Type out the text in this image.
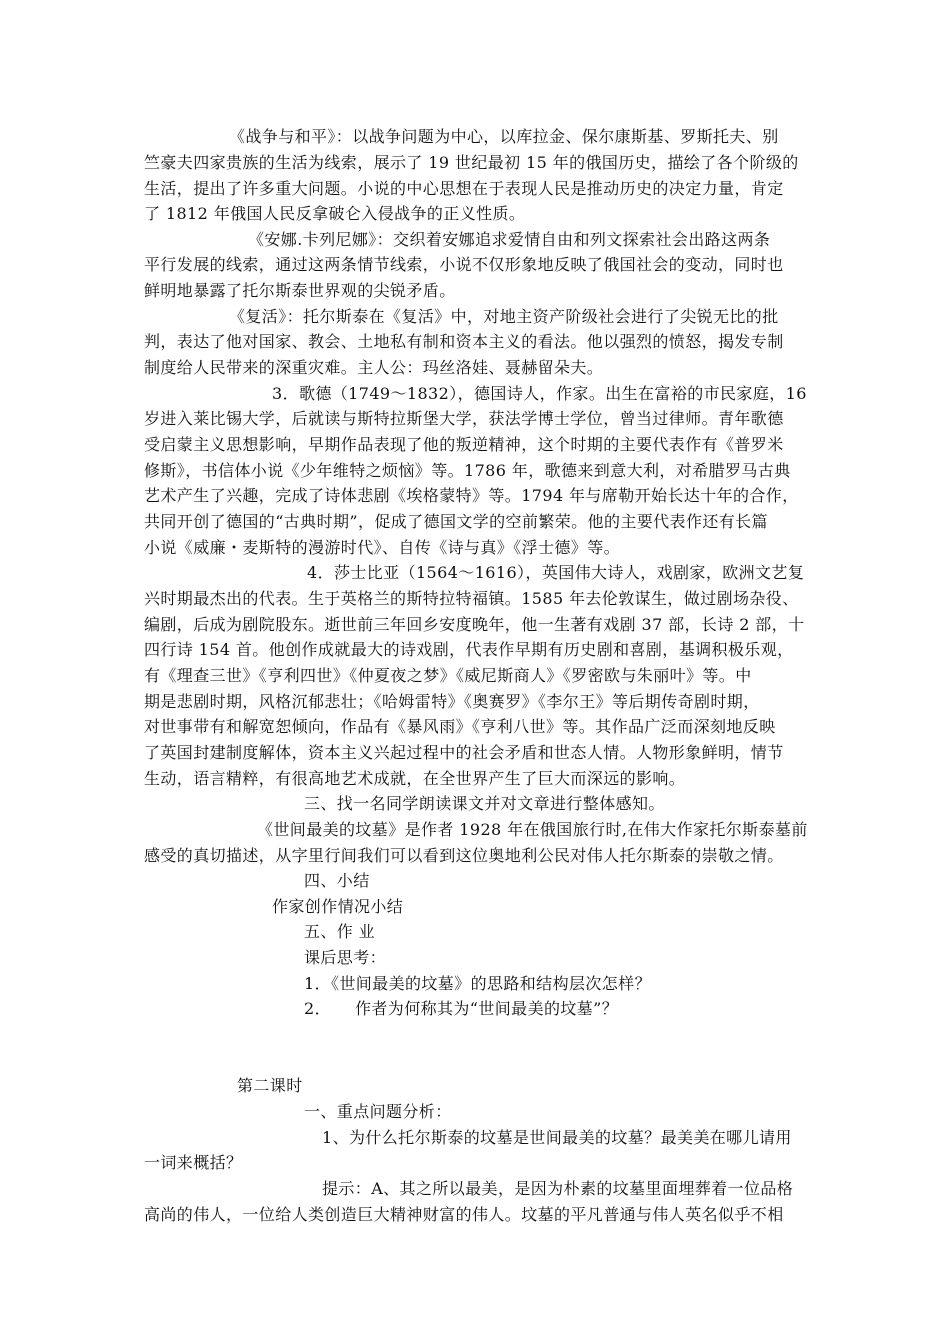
《战争与和平》：以战争问题为中心，以库拉金、保尔康斯基、罗斯托夫、别
竺豪夫四家贵族的生活为线索，展示了 19 世纪最初 15 年的俄国历史，描绘了各个阶级的
生活，提出了许多重大问题。小说的中心思想在于表现人民是推动历史的决定力量，肯定
了 1812 年俄国人民反拿破仑入侵战争的正义性质。
《安娜.卡列尼娜》：交织着安娜追求爱情自由和列文探索社会出路这两条
平行发展的线索，通过这两条情节线索，小说不仅形象地反映了俄国社会的变动，同时也
鲜明地暴露了托尔斯泰世界观的尖锐矛盾。
《复活》：托尔斯泰在《复活》中，对地主资产阶级社会进行了尖锐无比的批
判，表达了他对国家、教会、土地私有制和资本主义的看法。他以强烈的愤怒，揭发专制
制度给人民带来的深重灾难。主人公：玛丝洛娃、聂赫留朵夫。
3．歌德（1749～1832），德国诗人，作家。出生在富裕的市民家庭，16
岁进入莱比锡大学，后就读与斯特拉斯堡大学，获法学博士学位，曾当过律师。青年歌德
受启蒙主义思想影响，早期作品表现了他的叛逆精神，这个时期的主要代表作有《普罗米
修斯》，书信体小说《少年维特之烦恼》等。1786 年，歌德来到意大利，对希腊罗马古典
艺术产生了兴趣，完成了诗体悲剧《埃格蒙特》等。1794 年与席勒开始长达十年的合作，
共同开创了德国的“古典时期”，促成了德国文学的空前繁荣。他的主要代表作还有长篇
小说《威廉・麦斯特的漫游时代》、自传《诗与真》《浮士德》等。
4．莎士比亚（1564～1616），英国伟大诗人，戏剧家，欧洲文艺复
兴时期最杰出的代表。生于英格兰的斯特拉特福镇。1585 年去伦敦谋生，做过剧场杂役、
编剧，后成为剧院股东。逝世前三年回乡安度晚年，他一生著有戏剧 37 部，长诗 2 部，十
四行诗 154 首。他创作成就最大的诗戏剧，代表作早期有历史剧和喜剧，基调积极乐观，
有《理查三世》《亨利四世》《仲夏夜之梦》《威尼斯商人》《罗密欧与朱丽叶》等。中
期是悲剧时期，风格沉郁悲壮；《哈姆雷特》《奥赛罗》《李尔王》等后期传奇剧时期，
对世事带有和解宽恕倾向，作品有《暴风雨》《亨利八世》等。其作品广泛而深刻地反映
了英国封建制度解体，资本主义兴起过程中的社会矛盾和世态人情。人物形象鲜明，情节
生动，语言精粹，有很高地艺术成就，在全世界产生了巨大而深远的影响。
三、找一名同学朗读课文并对文章进行整体感知。
《世间最美的坟墓》是作者 1928 年在俄国旅行时,在伟大作家托尔斯泰墓前
感受的真切描述，从字里行间我们可以看到这位奥地利公民对伟人托尔斯泰的崇敬之情。
四、小结
作家创作情况小结
五、作 业
课后思考：
1．《世间最美的坟墓》的思路和结构层次怎样？
2． 作者为何称其为“世间最美的坟墓”？
第二课时
一、重点问题分析：
1、为什么托尔斯泰的坟墓是世间最美的坟墓？最美美在哪儿请用
一词来概括？
提示：A、其之所以最美，是因为朴素的坟墓里面埋葬着一位品格
高尚的伟人，一位给人类创造巨大精神财富的伟人。坟墓的平凡普通与伟人英名似乎不相
